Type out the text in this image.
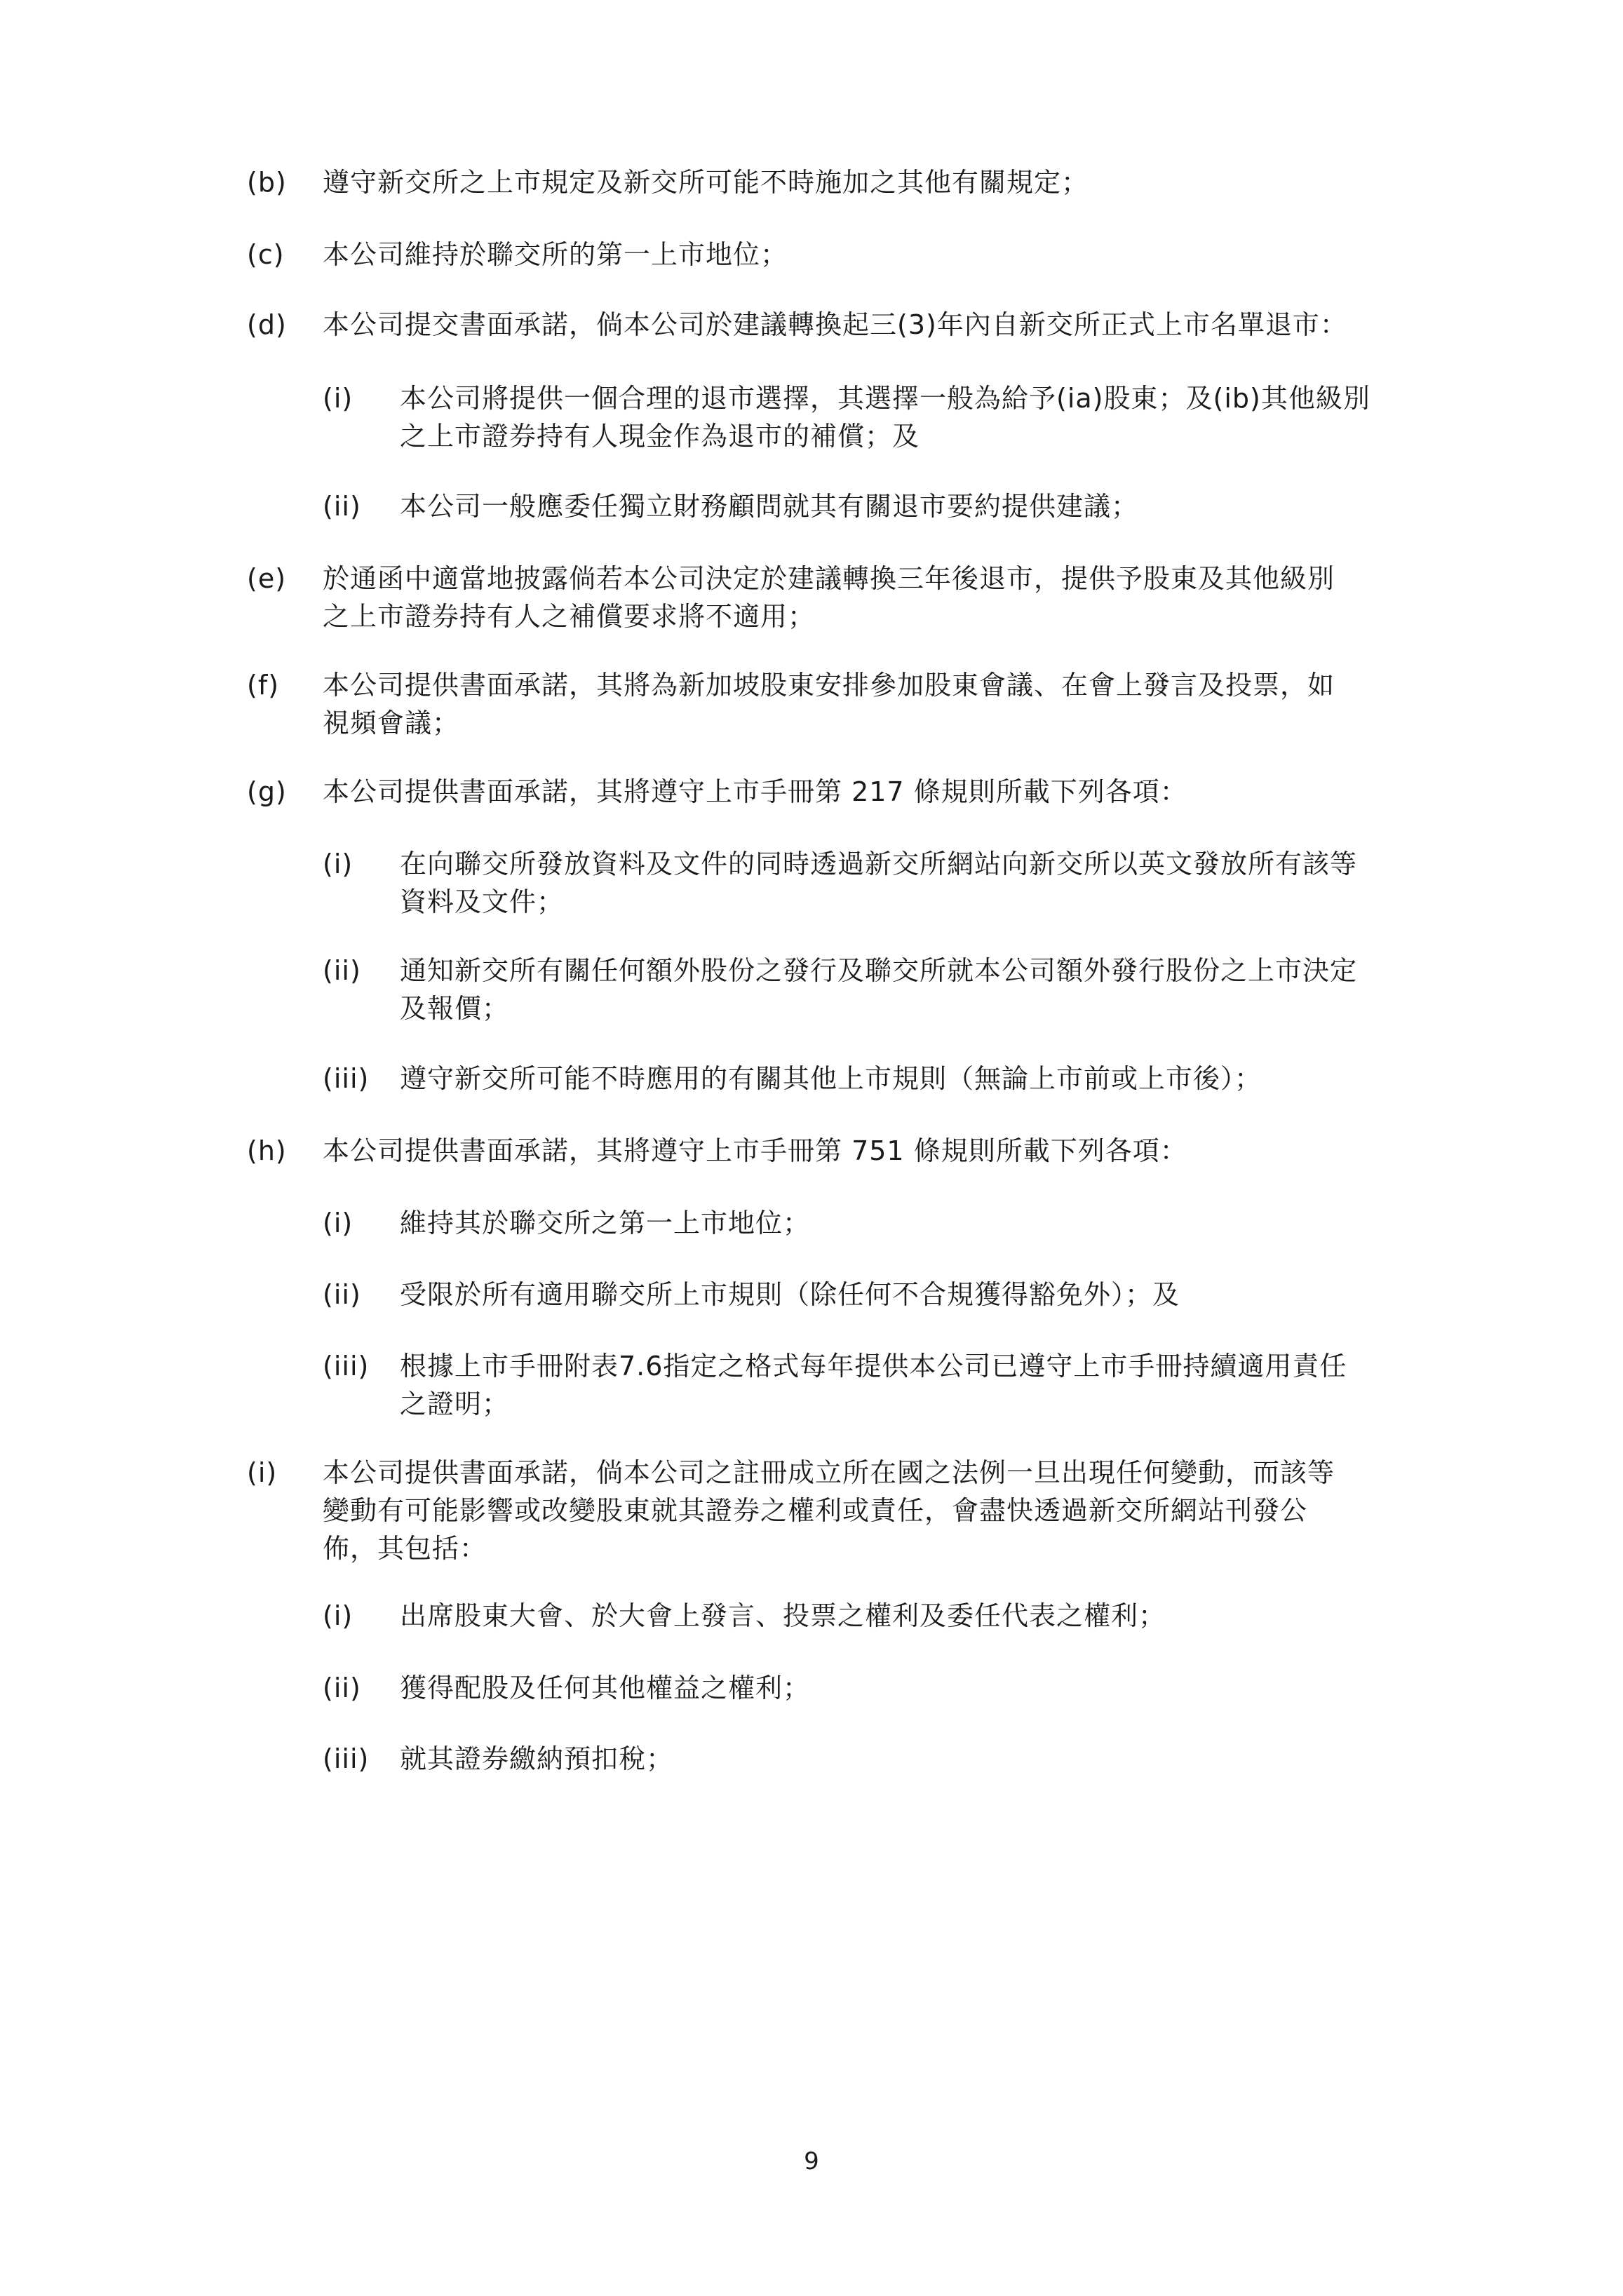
(b) 遵守新交所之上市規定及新交所可能不時施加之其他有關規定；
(c) 本公司維持於聯交所的第一上市地位；
(d) 本公司提交書面承諾，倘本公司於建議轉換起三(3)年內自新交所正式上市名單退市：
(i) 本公司將提供一個合理的退市選擇，其選擇一般為給予(ia)股東；及(ib)其他級別
之上市證券持有人現金作為退市的補償；及
(ii) 本公司一般應委任獨立財務顧問就其有關退市要約提供建議；
(e) 於通函中適當地披露倘若本公司決定於建議轉換三年後退市，提供予股東及其他級別
之上市證券持有人之補償要求將不適用；
(f) 本公司提供書面承諾，其將為新加坡股東安排參加股東會議、在會上發言及投票，如
視頻會議；
(g) 本公司提供書面承諾，其將遵守上市手冊第 217 條規則所載下列各項：
(i) 在向聯交所發放資料及文件的同時透過新交所網站向新交所以英文發放所有該等
資料及文件；
(ii) 通知新交所有關任何額外股份之發行及聯交所就本公司額外發行股份之上市決定
及報價；
(iii) 遵守新交所可能不時應用的有關其他上市規則（無論上市前或上市後）；
(h) 本公司提供書面承諾，其將遵守上市手冊第 751 條規則所載下列各項：
(i) 維持其於聯交所之第一上市地位；
(ii) 受限於所有適用聯交所上市規則（除任何不合規獲得豁免外）；及
(iii) 根據上市手冊附表7.6指定之格式每年提供本公司已遵守上市手冊持續適用責任
之證明；
(i) 本公司提供書面承諾，倘本公司之註冊成立所在國之法例一旦出現任何變動，而該等
變動有可能影響或改變股東就其證券之權利或責任，會盡快透過新交所網站刊發公
佈，其包括：
(i) 出席股東大會、於大會上發言、投票之權利及委任代表之權利；
(ii) 獲得配股及任何其他權益之權利；
(iii) 就其證券繳納預扣稅；
9
